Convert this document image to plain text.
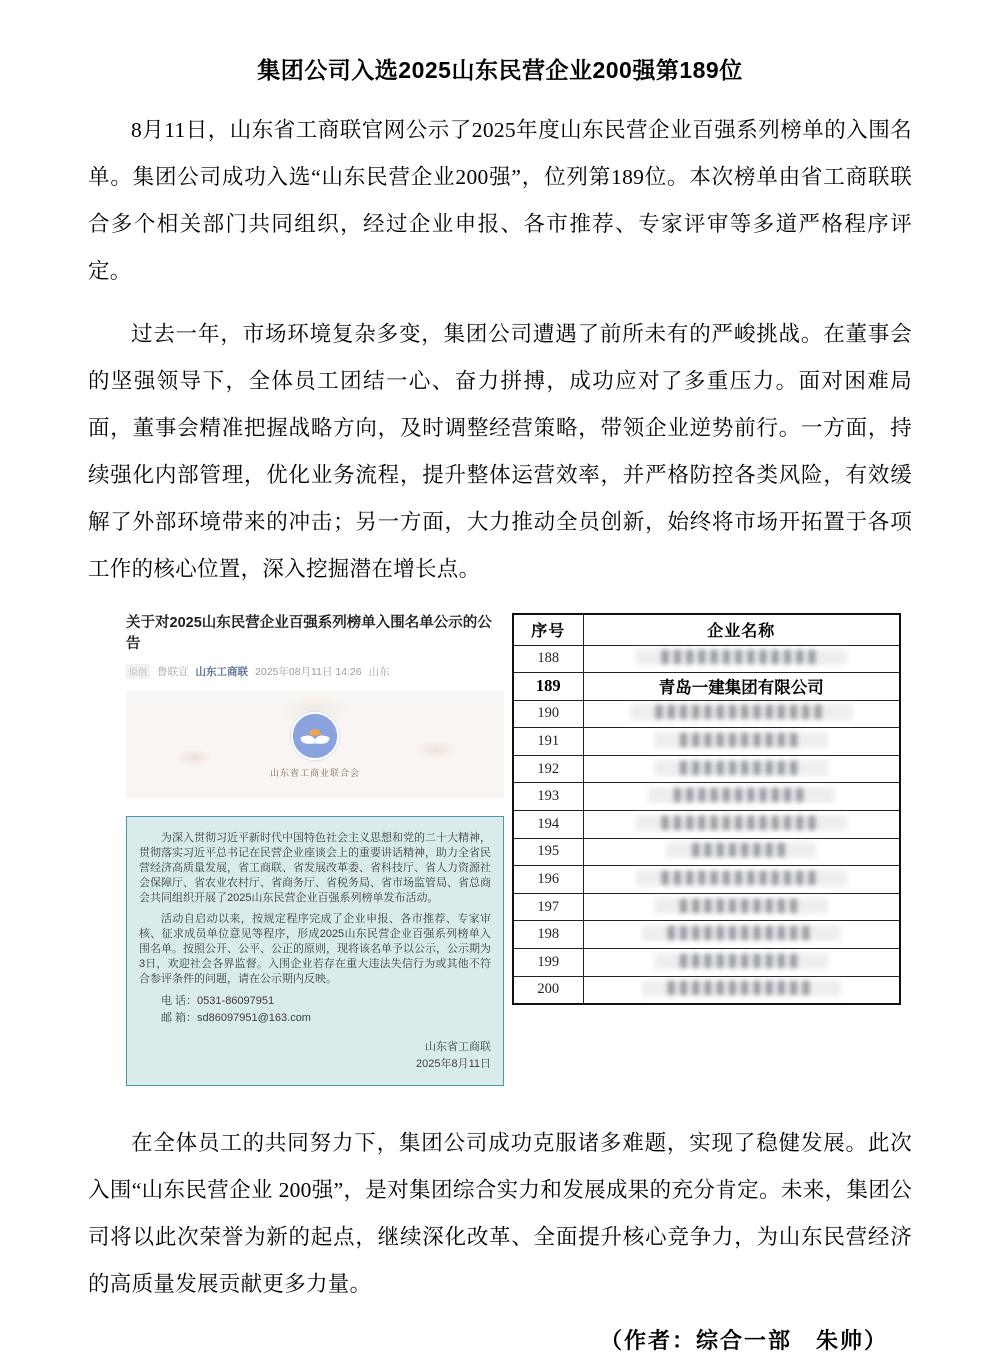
集团公司入选2025山东民营企业200强第189位

8月11日，山东省工商联官网公示了2025年度山东民营企业百强系列榜单的入围名单。集团公司成功入选“山东民营企业200强”，位列第189位。本次榜单由省工商联联合多个相关部门共同组织，经过企业申报、各市推荐、专家评审等多道严格程序评定。

过去一年，市场环境复杂多变，集团公司遭遇了前所未有的严峻挑战。在董事会的坚强领导下，全体员工团结一心、奋力拼搏，成功应对了多重压力。面对困难局面，董事会精准把握战略方向，及时调整经营策略，带领企业逆势前行。一方面，持续强化内部管理，优化业务流程，提升整体运营效率，并严格防控各类风险，有效缓解了外部环境带来的冲击；另一方面，大力推动全员创新，始终将市场开拓置于各项工作的核心位置，深入挖掘潜在增长点。

关于对2025山东民营企业百强系列榜单入围名单公示的公告
原创 鲁联宣 山东工商联 2025年08月11日 14:26 山东
山东省工商业联合会

为深入贯彻习近平新时代中国特色社会主义思想和党的二十大精神，贯彻落实习近平总书记在民营企业座谈会上的重要讲话精神，助力全省民营经济高质量发展，省工商联、省发展改革委、省科技厅、省人力资源社会保障厅、省农业农村厅、省商务厅、省税务局、省市场监管局、省总商会共同组织开展了2025山东民营企业百强系列榜单发布活动。

活动自启动以来，按规定程序完成了企业申报、各市推荐、专家审核、征求成员单位意见等程序，形成2025山东民营企业百强系列榜单入围名单。按照公开、公平、公正的原则，现将该名单予以公示，公示期为3日，欢迎社会各界监督。入围企业若存在重大违法失信行为或其他不符合参评条件的问题，请在公示期内反映。

电 话：0531-86097951
邮 箱：sd86097951@163.com
山东省工商联
2025年8月11日
序号	企业名称
188	▊▊▊▊▊▊▊▊▊▊▊▊▊
189	青岛一建集团有限公司
190	▊▊▊▊▊▊▊▊▊▊▊▊▊▊
191	▊▊▊▊▊▊▊▊▊▊
192	▊▊▊▊▊▊▊▊▊▊
193	▊▊▊▊▊▊▊▊▊▊▊
194	▊▊▊▊▊▊▊▊▊▊▊▊▊
195	▊▊▊▊▊▊▊▊
196	▊▊▊▊▊▊▊▊▊▊▊▊▊
197	▊▊▊▊▊▊▊▊▊▊
198	▊▊▊▊▊▊▊▊▊▊▊▊
199	▊▊▊▊▊▊▊▊▊▊
200	▊▊▊▊▊▊▊▊▊▊▊▊

在全体员工的共同努力下，集团公司成功克服诸多难题，实现了稳健发展。此次入围“山东民营企业 200强”，是对集团综合实力和发展成果的充分肯定。未来，集团公司将以此次荣誉为新的起点，继续深化改革、全面提升核心竞争力，为山东民营经济的高质量发展贡献更多力量。

（作者：综合一部　朱帅）
